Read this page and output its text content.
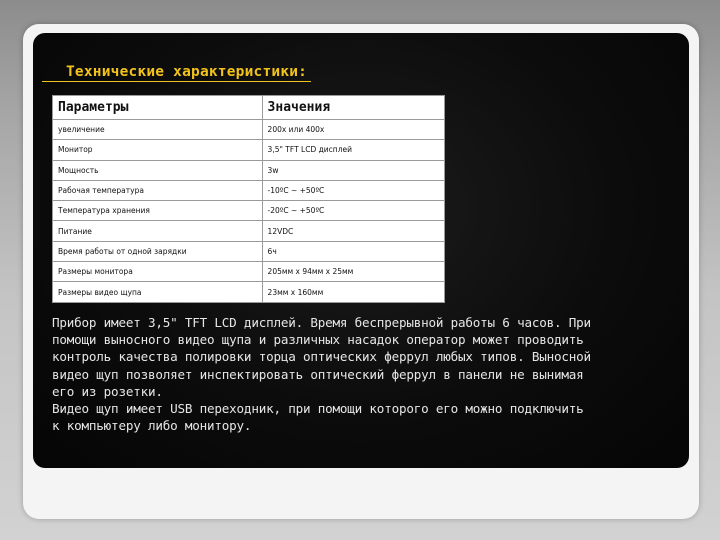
Технические характеристики:
Параметры	Значения
увеличение	200х или 400х
Монитор	3,5" TFT LCD дисплей
Мощность	3w
Рабочая температура	-10ºC ~ +50ºC
Температура хранения	-20ºC ~ +50ºC
Питание	12VDC
Время работы от одной зарядки	6ч
Размеры монитора	205мм х 94мм х 25мм
Размеры видео щупа	23мм х 160мм

Прибор имеет 3,5" TFT LCD дисплей. Время беспрерывной работы 6 часов. При
помощи выносного видео щупа и различных насадок оператор может проводить
контроль качества полировки торца оптических феррул любых типов. Выносной
видео щуп позволяет инспектировать оптический феррул в панели не вынимая
его из розетки.
Видео щуп имеет USB переходник, при помощи которого его можно подключить
к компьютеру либо монитору.
